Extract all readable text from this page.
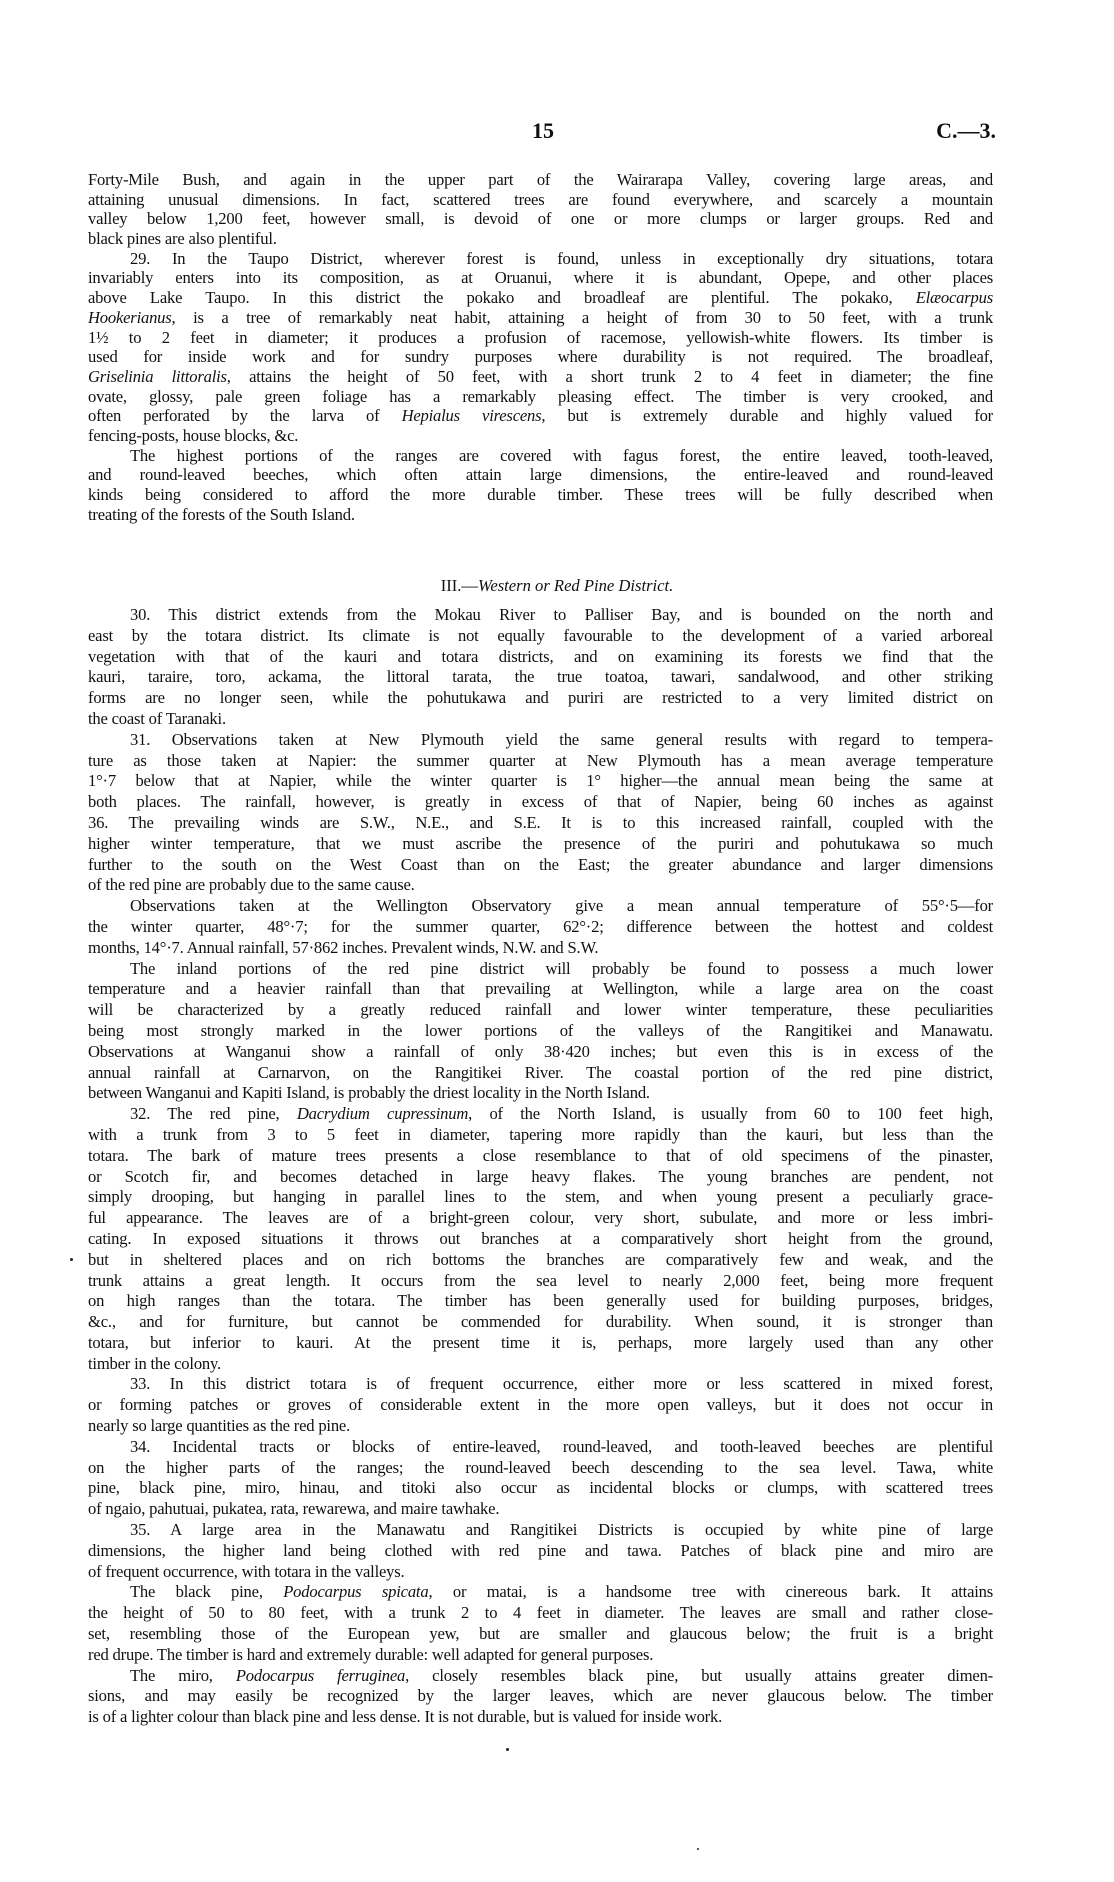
15	C.—3.
Forty-Mile Bush, and again in the upper part of the Wairarapa Valley, covering large areas, and
attaining unusual dimensions. In fact, scattered trees are found everywhere, and scarcely a mountain
valley below 1,200 feet, however small, is devoid of one or more clumps or larger groups. Red and
black pines are also plentiful.
29. In the Taupo District, wherever forest is found, unless in exceptionally dry situations, totara
invariably enters into its composition, as at Oruanui, where it is abundant, Opepe, and other places
above Lake Taupo. In this district the pokako and broadleaf are plentiful. The pokako, Elæocarpus
Hookerianus, is a tree of remarkably neat habit, attaining a height of from 30 to 50 feet, with a trunk
1½ to 2 feet in diameter; it produces a profusion of racemose, yellowish-white flowers. Its timber is
used for inside work and for sundry purposes where durability is not required. The broadleaf,
Griselinia littoralis, attains the height of 50 feet, with a short trunk 2 to 4 feet in diameter; the fine
ovate, glossy, pale green foliage has a remarkably pleasing effect. The timber is very crooked, and
often perforated by the larva of Hepialus virescens, but is extremely durable and highly valued for
fencing-posts, house blocks, &c.
The highest portions of the ranges are covered with fagus forest, the entire leaved, tooth-leaved,
and round-leaved beeches, which often attain large dimensions, the entire-leaved and round-leaved
kinds being considered to afford the more durable timber. These trees will be fully described when
treating of the forests of the South Island.
III.—Western or Red Pine District.
30. This district extends from the Mokau River to Palliser Bay, and is bounded on the north and
east by the totara district. Its climate is not equally favourable to the development of a varied arboreal
vegetation with that of the kauri and totara districts, and on examining its forests we find that the
kauri, taraire, toro, ackama, the littoral tarata, the true toatoa, tawari, sandalwood, and other striking
forms are no longer seen, while the pohutukawa and puriri are restricted to a very limited district on
the coast of Taranaki.
31. Observations taken at New Plymouth yield the same general results with regard to tempera-
ture as those taken at Napier: the summer quarter at New Plymouth has a mean average temperature
1°·7 below that at Napier, while the winter quarter is 1° higher—the annual mean being the same at
both places. The rainfall, however, is greatly in excess of that of Napier, being 60 inches as against
36. The prevailing winds are S.W., N.E., and S.E. It is to this increased rainfall, coupled with the
higher winter temperature, that we must ascribe the presence of the puriri and pohutukawa so much
further to the south on the West Coast than on the East; the greater abundance and larger dimensions
of the red pine are probably due to the same cause.
Observations taken at the Wellington Observatory give a mean annual temperature of 55°·5—for
the winter quarter, 48°·7; for the summer quarter, 62°·2; difference between the hottest and coldest
months, 14°·7. Annual rainfall, 57·862 inches. Prevalent winds, N.W. and S.W.
The inland portions of the red pine district will probably be found to possess a much lower
temperature and a heavier rainfall than that prevailing at Wellington, while a large area on the coast
will be characterized by a greatly reduced rainfall and lower winter temperature, these peculiarities
being most strongly marked in the lower portions of the valleys of the Rangitikei and Manawatu.
Observations at Wanganui show a rainfall of only 38·420 inches; but even this is in excess of the
annual rainfall at Carnarvon, on the Rangitikei River. The coastal portion of the red pine district,
between Wanganui and Kapiti Island, is probably the driest locality in the North Island.
32. The red pine, Dacrydium cupressinum, of the North Island, is usually from 60 to 100 feet high,
with a trunk from 3 to 5 feet in diameter, tapering more rapidly than the kauri, but less than the
totara. The bark of mature trees presents a close resemblance to that of old specimens of the pinaster,
or Scotch fir, and becomes detached in large heavy flakes. The young branches are pendent, not
simply drooping, but hanging in parallel lines to the stem, and when young present a peculiarly grace-
ful appearance. The leaves are of a bright-green colour, very short, subulate, and more or less imbri-
cating. In exposed situations it throws out branches at a comparatively short height from the ground,
but in sheltered places and on rich bottoms the branches are comparatively few and weak, and the
trunk attains a great length. It occurs from the sea level to nearly 2,000 feet, being more frequent
on high ranges than the totara. The timber has been generally used for building purposes, bridges,
&c., and for furniture, but cannot be commended for durability. When sound, it is stronger than
totara, but inferior to kauri. At the present time it is, perhaps, more largely used than any other
timber in the colony.
33. In this district totara is of frequent occurrence, either more or less scattered in mixed forest,
or forming patches or groves of considerable extent in the more open valleys, but it does not occur in
nearly so large quantities as the red pine.
34. Incidental tracts or blocks of entire-leaved, round-leaved, and tooth-leaved beeches are plentiful
on the higher parts of the ranges; the round-leaved beech descending to the sea level. Tawa, white
pine, black pine, miro, hinau, and titoki also occur as incidental blocks or clumps, with scattered trees
of ngaio, pahutuai, pukatea, rata, rewarewa, and maire tawhake.
35. A large area in the Manawatu and Rangitikei Districts is occupied by white pine of large
dimensions, the higher land being clothed with red pine and tawa. Patches of black pine and miro are
of frequent occurrence, with totara in the valleys.
The black pine, Podocarpus spicata, or matai, is a handsome tree with cinereous bark. It attains
the height of 50 to 80 feet, with a trunk 2 to 4 feet in diameter. The leaves are small and rather close-
set, resembling those of the European yew, but are smaller and glaucous below; the fruit is a bright
red drupe. The timber is hard and extremely durable: well adapted for general purposes.
The miro, Podocarpus ferruginea, closely resembles black pine, but usually attains greater dimen-
sions, and may easily be recognized by the larger leaves, which are never glaucous below. The timber
is of a lighter colour than black pine and less dense. It is not durable, but is valued for inside work.
